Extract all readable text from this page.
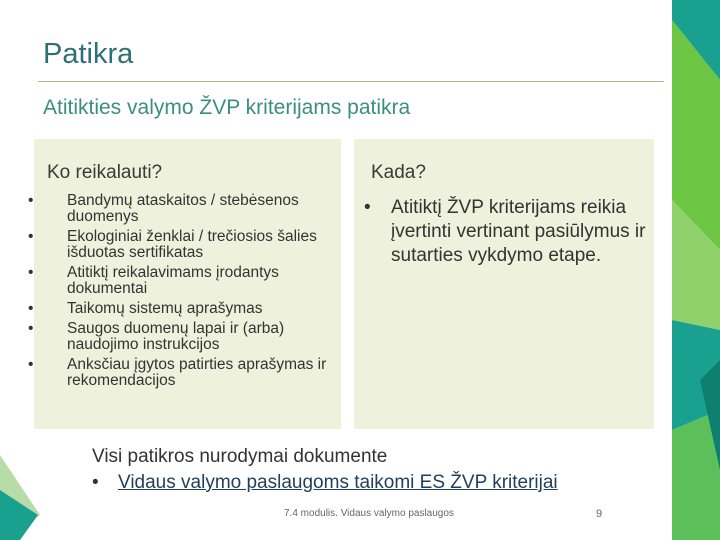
Patikra
Atitikties valymo ŽVP kriterijams patikra
Ko reikalauti?	Kada?
• Bandymų ataskaitos / stebėsenos duomenys
• Ekologiniai ženklai / trečiosios šalies išduotas sertifikatas
• Atitiktį reikalavimams įrodantys dokumentai
• Taikomų sistemų aprašymas
• Saugos duomenų lapai ir (arba) naudojimo instrukcijos
• Anksčiau įgytos patirties aprašymas ir rekomendacijos
• Atitiktį ŽVP kriterijams reikia įvertinti vertinant pasiūlymus ir sutarties vykdymo etape.
Visi patikros nurodymai dokumente
• Vidaus valymo paslaugoms taikomi ES ŽVP kriterijai
7.4 modulis. Vidaus valymo paslaugos	9
